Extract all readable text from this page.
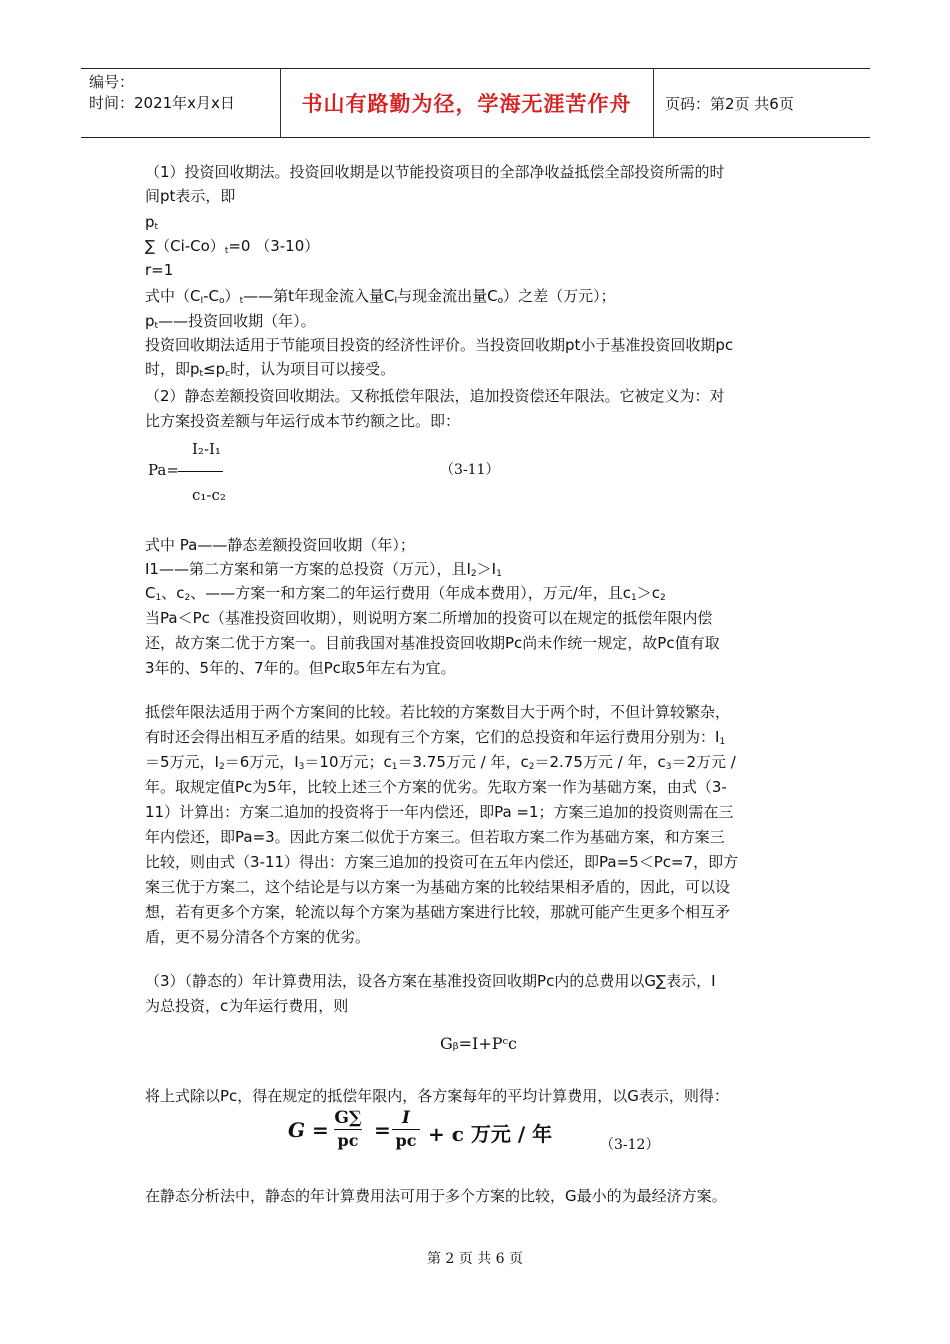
编号：
时间：2021年x月x日	书山有路勤为径，学海无涯苦作舟	页码：第2页 共6页
（1）投资回收期法。投资回收期是以节能投资项目的全部净收益抵偿全部投资所需的时
间pt表示，即
$p_t$
$\sum(Ci-Co)_t=0$ （3-10）
r=1
式中$(C_I-C_o)_t——$第t年现金流入量$C_I$与现金流出量$C_o$）之差（万元）；
$p_t——$投资回收期（年）。
投资回收期法适用于节能项目投资的经济性评价。当投资回收期pt小于基准投资回收期pc
时，即$p_t\le p_c$时，认为项目可以接受。
（2）静态差额投资回收期法。又称抵偿年限法，追加投资偿还年限法。它被定义为：对
比方案投资差额与年运行成本节约额之比。即：
I₂-I₁
Pa=
c₁-c₂
（3-11）
式中 Pa——静态差额投资回收期（年）；
I1——第二方案和第一方案的总投资（万元），且$I_2>I_1$
$C_1$、$c_2$、——方案一和方案二的年运行费用（年成本费用），万元/年，且$c_1>c_2$
当Pa＜Pc（基准投资回收期），则说明方案二所增加的投资可以在规定的抵偿年限内偿
还，故方案二优于方案一。目前我国对基准投资回收期Pc尚未作统一规定，故Pc值有取
3年的、5年的、7年的。但Pc取5年左右为宜。
抵偿年限法适用于两个方案间的比较。若比较的方案数目大于两个时，不但计算较繁杂，
有时还会得出相互矛盾的结果。如现有三个方案，它们的总投资和年运行费用分别为：$I_1$
＝5万元，$I_2=6$万元，$I_3=10$万元；$c_1=3.75$万元 / 年，$c_2=2.75$万元 / 年，$c_3=2$万元 /
年。取规定值Pc为5年，比较上述三个方案的优劣。先取方案一作为基础方案，由式（3-
11）计算出：方案二追加的投资将于一年内偿还，即Pa =1；方案三追加的投资则需在三
年内偿还，即Pa=3。因此方案二似优于方案三。但若取方案二作为基础方案，和方案三
比较，则由式（3-11）得出：方案三追加的投资可在五年内偿还，即Pa=5＜Pc=7，即方
案三优于方案二，这个结论是与以方案一为基础方案的比较结果相矛盾的，因此，可以设
想，若有更多个方案，轮流以每个方案为基础方案进行比较，那就可能产生更多个相互矛
盾，更不易分清各个方案的优劣。
（3）（静态的）年计算费用法，设各方案在基准投资回收期Pc内的总费用以G∑表示，I
为总投资，c为年运行费用，则
Gᵦ=I+Pᶜc
将上式除以Pc，得在规定的抵偿年限内，各方案每年的平均计算费用，以G表示，则得：
G = G∑
pc = I
pc + c 万元 / 年	（3-12）
在静态分析法中，静态的年计算费用法可用于多个方案的比较，G最小的为最经济方案。
第 2 页 共 6 页
